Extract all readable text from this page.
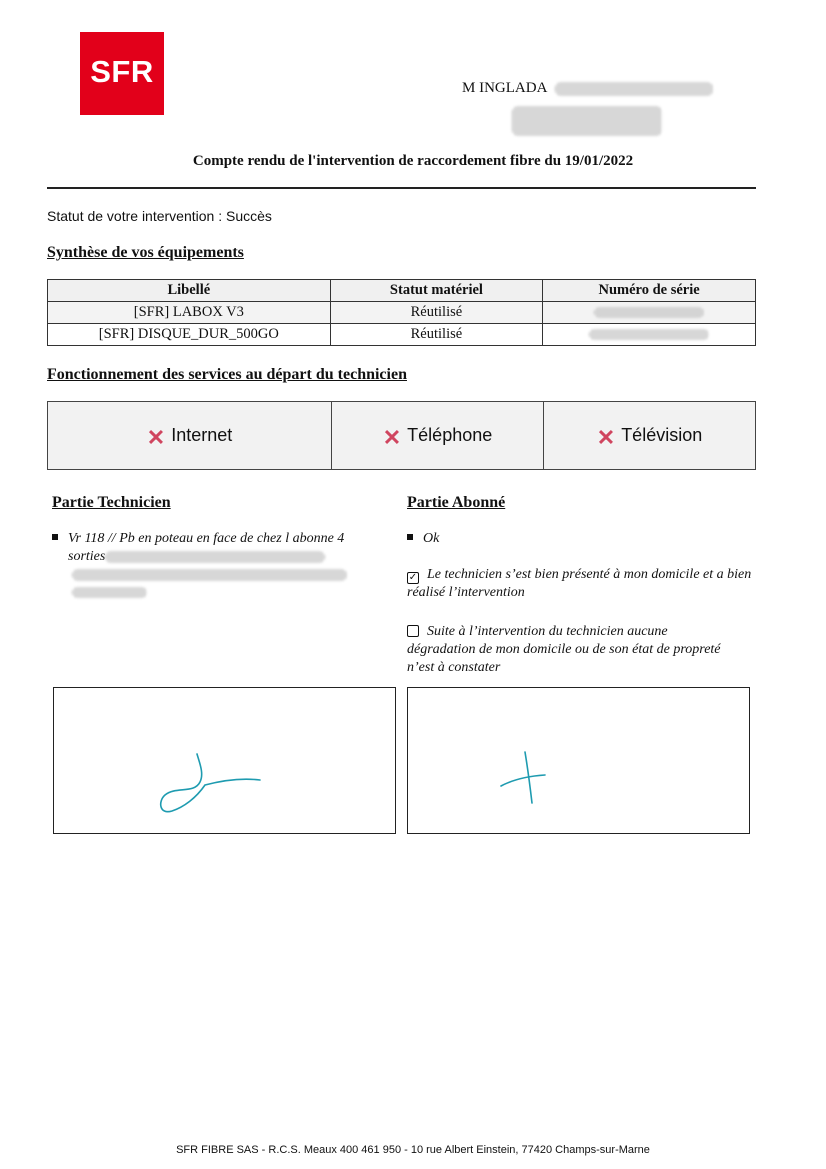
SFR	M INGLADA
Compte rendu de l'intervention de raccordement fibre du 19/01/2022
Statut de votre intervention : Succès
Synthèse de vos équipements
Libellé	Statut matériel	Numéro de série
[SFR] LABOX V3	Réutilisé	

[SFR] DISQUE_DUR_500GO	Réutilisé	
Fonctionnement des services au départ du technicien
✕ Internet	✕ Téléphone	✕ Télévision
Partie Technicien
Vr 118 // Pb en poteau en face de chez l abonne 4
sorties
Partie Abonné
Ok
✓ Le technicien s’est bien présenté à mon domicile et a bien réalisé l’intervention
Suite à l’intervention du technicien aucune dégradation de mon domicile ou de son état de propreté n’est à constater
SFR FIBRE SAS - R.C.S. Meaux 400 461 950 - 10 rue Albert Einstein, 77420 Champs-sur-Marne
